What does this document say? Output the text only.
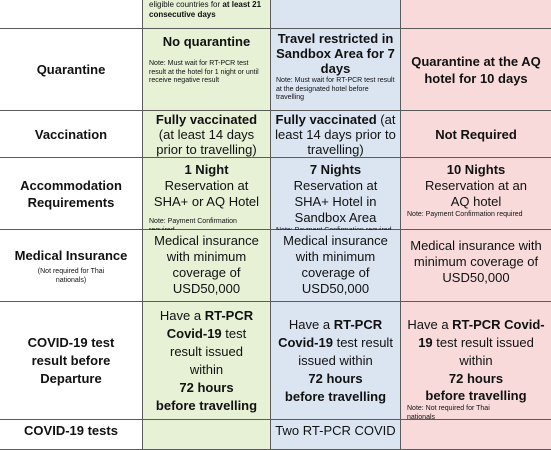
eligible countries for at least 21
consecutive days
Quarantine
No quarantine
Note: Must wait for RT-PCR test result at the hotel for 1 night or until receive negative result
Travel restricted in Sandbox Area for 7 days
Note: Must wait for RT-PCR test result at the designated hotel before travelling
Quarantine at the AQ hotel for 10 days
Vaccination
Fully vaccinated (at least 14 days prior to travelling)
Fully vaccinated (at least 14 days prior to travelling)
Not Required
Accommodation Requirements
1 Night Reservation at SHA+ or AQ Hotel
Note: Payment Confirmation
7 Nights Reservation at SHA+ Hotel in Sandbox Area
10 Nights
Reservation at an AQ hotel
Note: Payment Confirmation required
Medical Insurance
(Not required for Thai nationals)
Medical insurance with minimum coverage of USD50,000
Medical insurance with minimum coverage of USD50,000
Medical insurance with minimum coverage of USD50,000
COVID-19 test result before Departure
Have a RT-PCR Covid-19 test result issued within
72 hours
before travelling
Have a RT-PCR Covid-19 test result issued within
72 hours
before travelling
Have a RT-PCR Covid-19 test result issued within
72 hours
before travelling
Note: Not required for Thai nationals
COVID-19 tests	Two RT-PCR COVID
